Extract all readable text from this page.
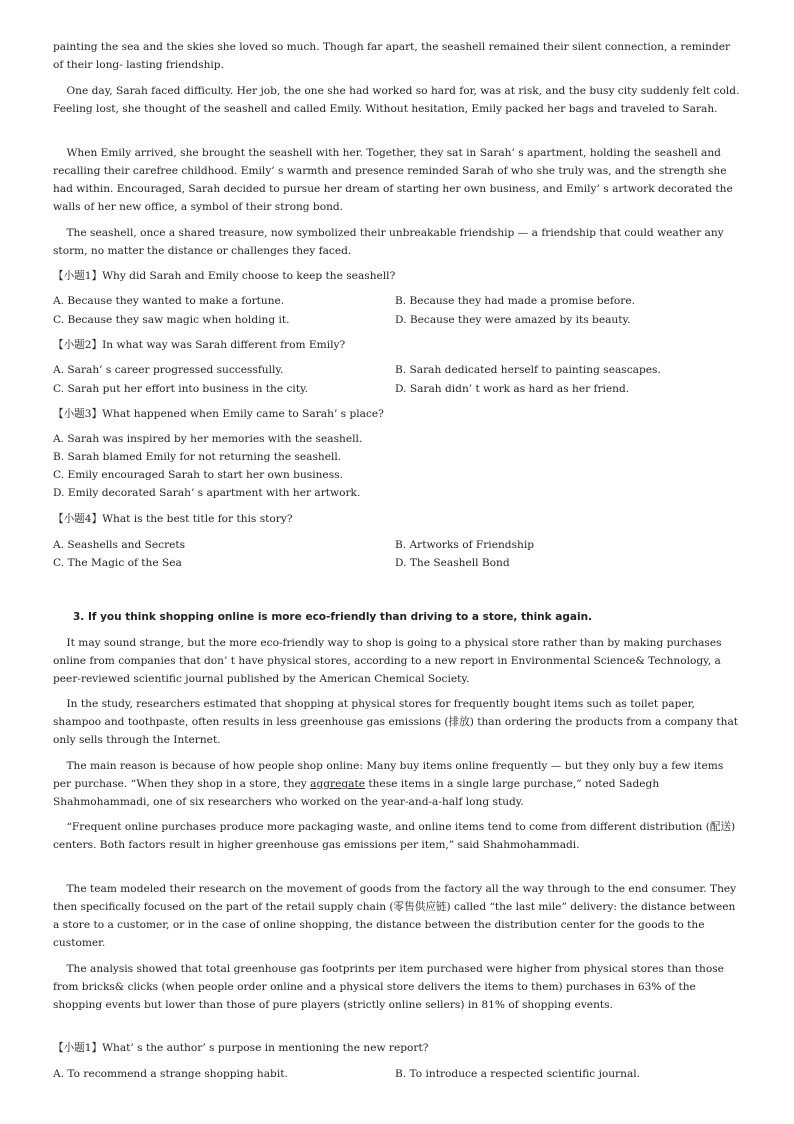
painting the sea and the skies she loved so much. Though far apart, the seashell remained their silent connection, a reminder of their long- lasting friendship.

One day, Sarah faced difficulty. Her job, the one she had worked so hard for, was at risk, and the busy city suddenly felt cold. Feeling lost, she thought of the seashell and called Emily. Without hesitation, Emily packed her bags and traveled to Sarah.

When Emily arrived, she brought the seashell with her. Together, they sat in Sarah’ s apartment, holding the seashell and recalling their carefree childhood. Emily’ s warmth and presence reminded Sarah of who she truly was, and the strength she had within. Encouraged, Sarah decided to pursue her dream of starting her own business, and Emily’ s artwork decorated the walls of her new office, a symbol of their strong bond.

The seashell, once a shared treasure, now symbolized their unbreakable friendship — a friendship that could weather any storm, no matter the distance or challenges they faced.

【小题1】Why did Sarah and Emily choose to keep the seashell?

A. Because they wanted to make a fortune.	B. Because they had made a promise before.

C. Because they saw magic when holding it.	D. Because they were amazed by its beauty.

【小题2】In what way was Sarah different from Emily?

A. Sarah’ s career progressed successfully.	B. Sarah dedicated herself to painting seascapes.

C. Sarah put her effort into business in the city.	D. Sarah didn’ t work as hard as her friend.

【小题3】What happened when Emily came to Sarah’ s place?

A. Sarah was inspired by her memories with the seashell.

B. Sarah blamed Emily for not returning the seashell.

C. Emily encouraged Sarah to start her own business.

D. Emily decorated Sarah’ s apartment with her artwork.

【小题4】What is the best title for this story?

A. Seashells and Secrets	B. Artworks of Friendship

C. The Magic of the Sea	D. The Seashell Bond

3. If you think shopping online is more eco-friendly than driving to a store, think again.

It may sound strange, but the more eco-friendly way to shop is going to a physical store rather than by making purchases online from companies that don’ t have physical stores, according to a new report in Environmental Science& Technology, a peer-reviewed scientific journal published by the American Chemical Society.

In the study, researchers estimated that shopping at physical stores for frequently bought items such as toilet paper, shampoo and toothpaste, often results in less greenhouse gas emissions (排放) than ordering the products from a company that only sells through the Internet.

The main reason is because of how people shop online: Many buy items online frequently — but they only buy a few items per purchase. “When they shop in a store, they aggregate these items in a single large purchase,” noted Sadegh Shahmohammadi, one of six researchers who worked on the year-and-a-half long study.

“Frequent online purchases produce more packaging waste, and online items tend to come from different distribution (配送) centers. Both factors result in higher greenhouse gas emissions per item,” said Shahmohammadi.

The team modeled their research on the movement of goods from the factory all the way through to the end consumer. They then specifically focused on the part of the retail supply chain (零售供应链) called “the last mile” delivery: the distance between a store to a customer, or in the case of online shopping, the distance between the distribution center for the goods to the customer.

The analysis showed that total greenhouse gas footprints per item purchased were higher from physical stores than those from bricks& clicks (when people order online and a physical store delivers the items to them) purchases in 63% of the shopping events but lower than those of pure players (strictly online sellers) in 81% of shopping events.

【小题1】What’ s the author’ s purpose in mentioning the new report?

A. To recommend a strange shopping habit.	B. To introduce a respected scientific journal.
